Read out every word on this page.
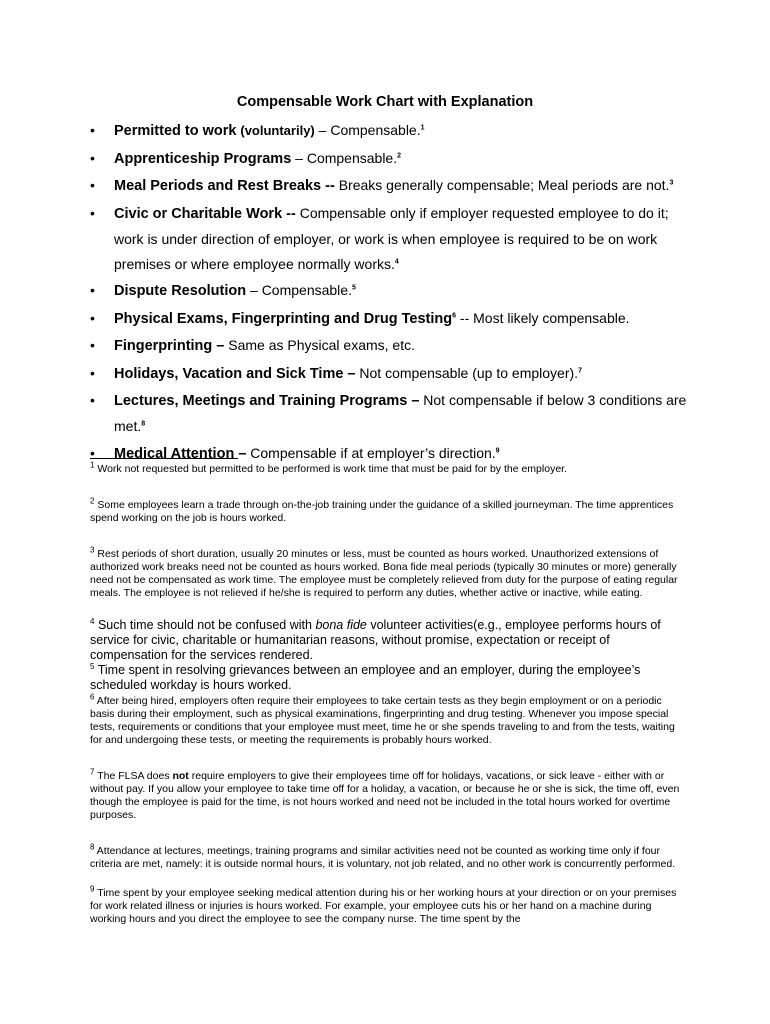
Compensable Work Chart with Explanation
• Permitted to work (voluntarily) – Compensable.$^1$
• Apprenticeship Programs – Compensable.$^2$
• Meal Periods and Rest Breaks -- Breaks generally compensable; Meal periods are not.$^3$
• Civic or Charitable Work -- Compensable only if employer requested employee to do it; work is under direction of employer, or work is when employee is required to be on work premises or where employee normally works.$^4$
• Dispute Resolution – Compensable.$^5$
• Physical Exams, Fingerprinting and Drug Testing$^6$ -- Most likely compensable.
• Fingerprinting – Same as Physical exams, etc.
• Holidays, Vacation and Sick Time – Not compensable (up to employer).$^7$
• Lectures, Meetings and Training Programs – Not compensable if below 3 conditions are met.$^8$
• Medical Attention – Compensable if at employer’s direction.$^9$
$^1$ Work not requested but permitted to be performed is work time that must be paid for by the employer.
$^2$ Some employees learn a trade through on-the-job training under the guidance of a skilled journeyman. The time apprentices spend working on the job is hours worked.
$^3$ Rest periods of short duration, usually 20 minutes or less, must be counted as hours worked. Unauthorized extensions of authorized work breaks need not be counted as hours worked. Bona fide meal periods (typically 30 minutes or more) generally need not be compensated as work time. The employee must be completely relieved from duty for the purpose of eating regular meals. The employee is not relieved if he/she is required to perform any duties, whether active or inactive, while eating.
$^4$ Such time should not be confused with bona fide volunteer activities(e.g., employee performs hours of service for civic, charitable or humanitarian reasons, without promise, expectation or receipt of compensation for the services rendered.
$^5$ Time spent in resolving grievances between an employee and an employer, during the employee’s scheduled workday is hours worked.
$^6$ After being hired, employers often require their employees to take certain tests as they begin employment or on a periodic basis during their employment, such as physical examinations, fingerprinting and drug testing. Whenever you impose special tests, requirements or conditions that your employee must meet, time he or she spends traveling to and from the tests, waiting for and undergoing these tests, or meeting the requirements is probably hours worked.
$^7$ The FLSA does not require employers to give their employees time off for holidays, vacations, or sick leave - either with or without pay. If you allow your employee to take time off for a holiday, a vacation, or because he or she is sick, the time off, even though the employee is paid for the time, is not hours worked and need not be included in the total hours worked for overtime purposes.
$^8$ Attendance at lectures, meetings, training programs and similar activities need not be counted as working time only if four criteria are met, namely: it is outside normal hours, it is voluntary, not job related, and no other work is concurrently performed.
$^9$ Time spent by your employee seeking medical attention during his or her working hours at your direction or on your premises for work related illness or injuries is hours worked. For example, your employee cuts his or her hand on a machine during working hours and you direct the employee to see the company nurse. The time spent by the
